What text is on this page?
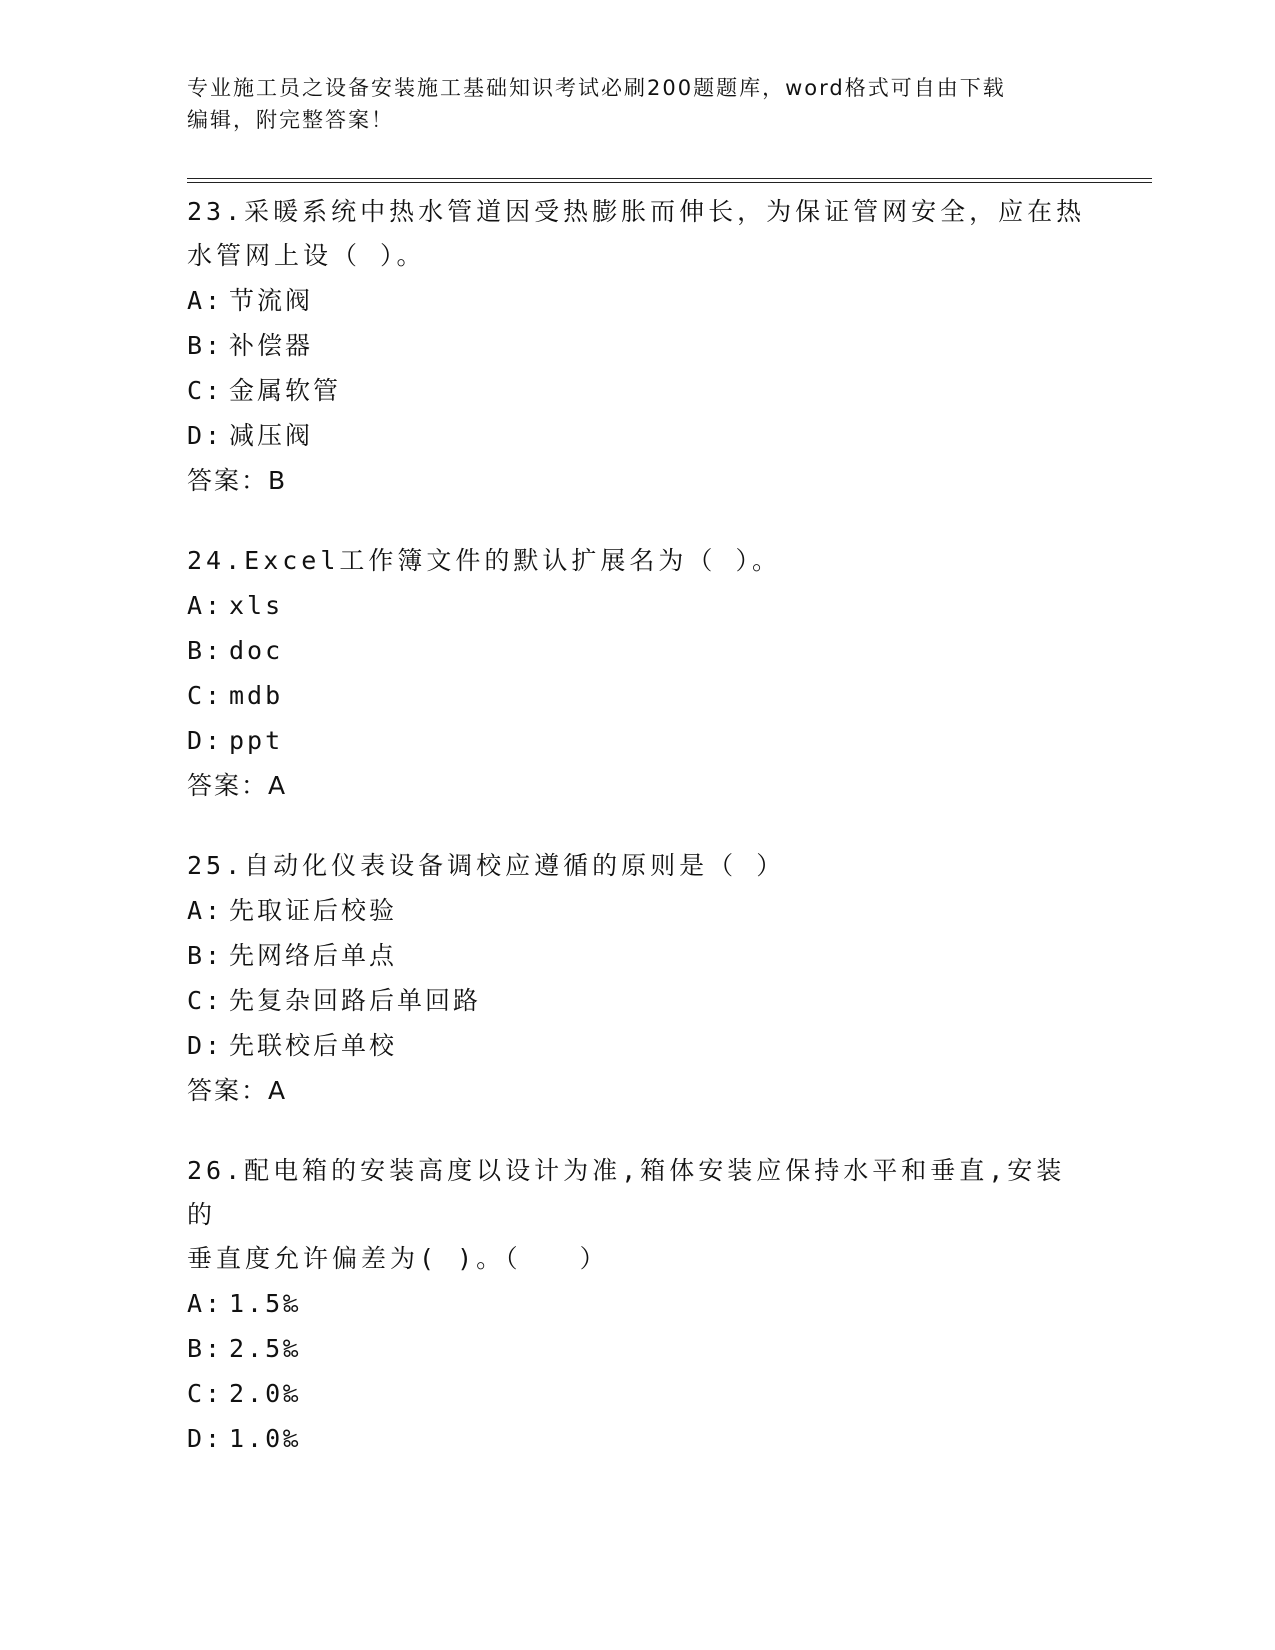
专业施工员之设备安装施工基础知识考试必刷200题题库，word格式可自由下载
编辑，附完整答案！
23.采暖系统中热水管道因受热膨胀而伸长，为保证管网安全，应在热
水管网上设（ ）。
A: 节流阀
B: 补偿器
C: 金属软管
D: 减压阀
答案：B
24.Excel工作簿文件的默认扩展名为（ ）。
A: xls
B: doc
C: mdb
D: ppt
答案：A
25.自动化仪表设备调校应遵循的原则是（ ）
A: 先取证后校验
B: 先网络后单点
C: 先复杂回路后单回路
D: 先联校后单校
答案：A
26.配电箱的安装高度以设计为准,箱体安装应保持水平和垂直,安装的
垂直度允许偏差为( )。（　　）
A: 1.5‰
B: 2.5‰
C: 2.0‰
D: 1.0‰
